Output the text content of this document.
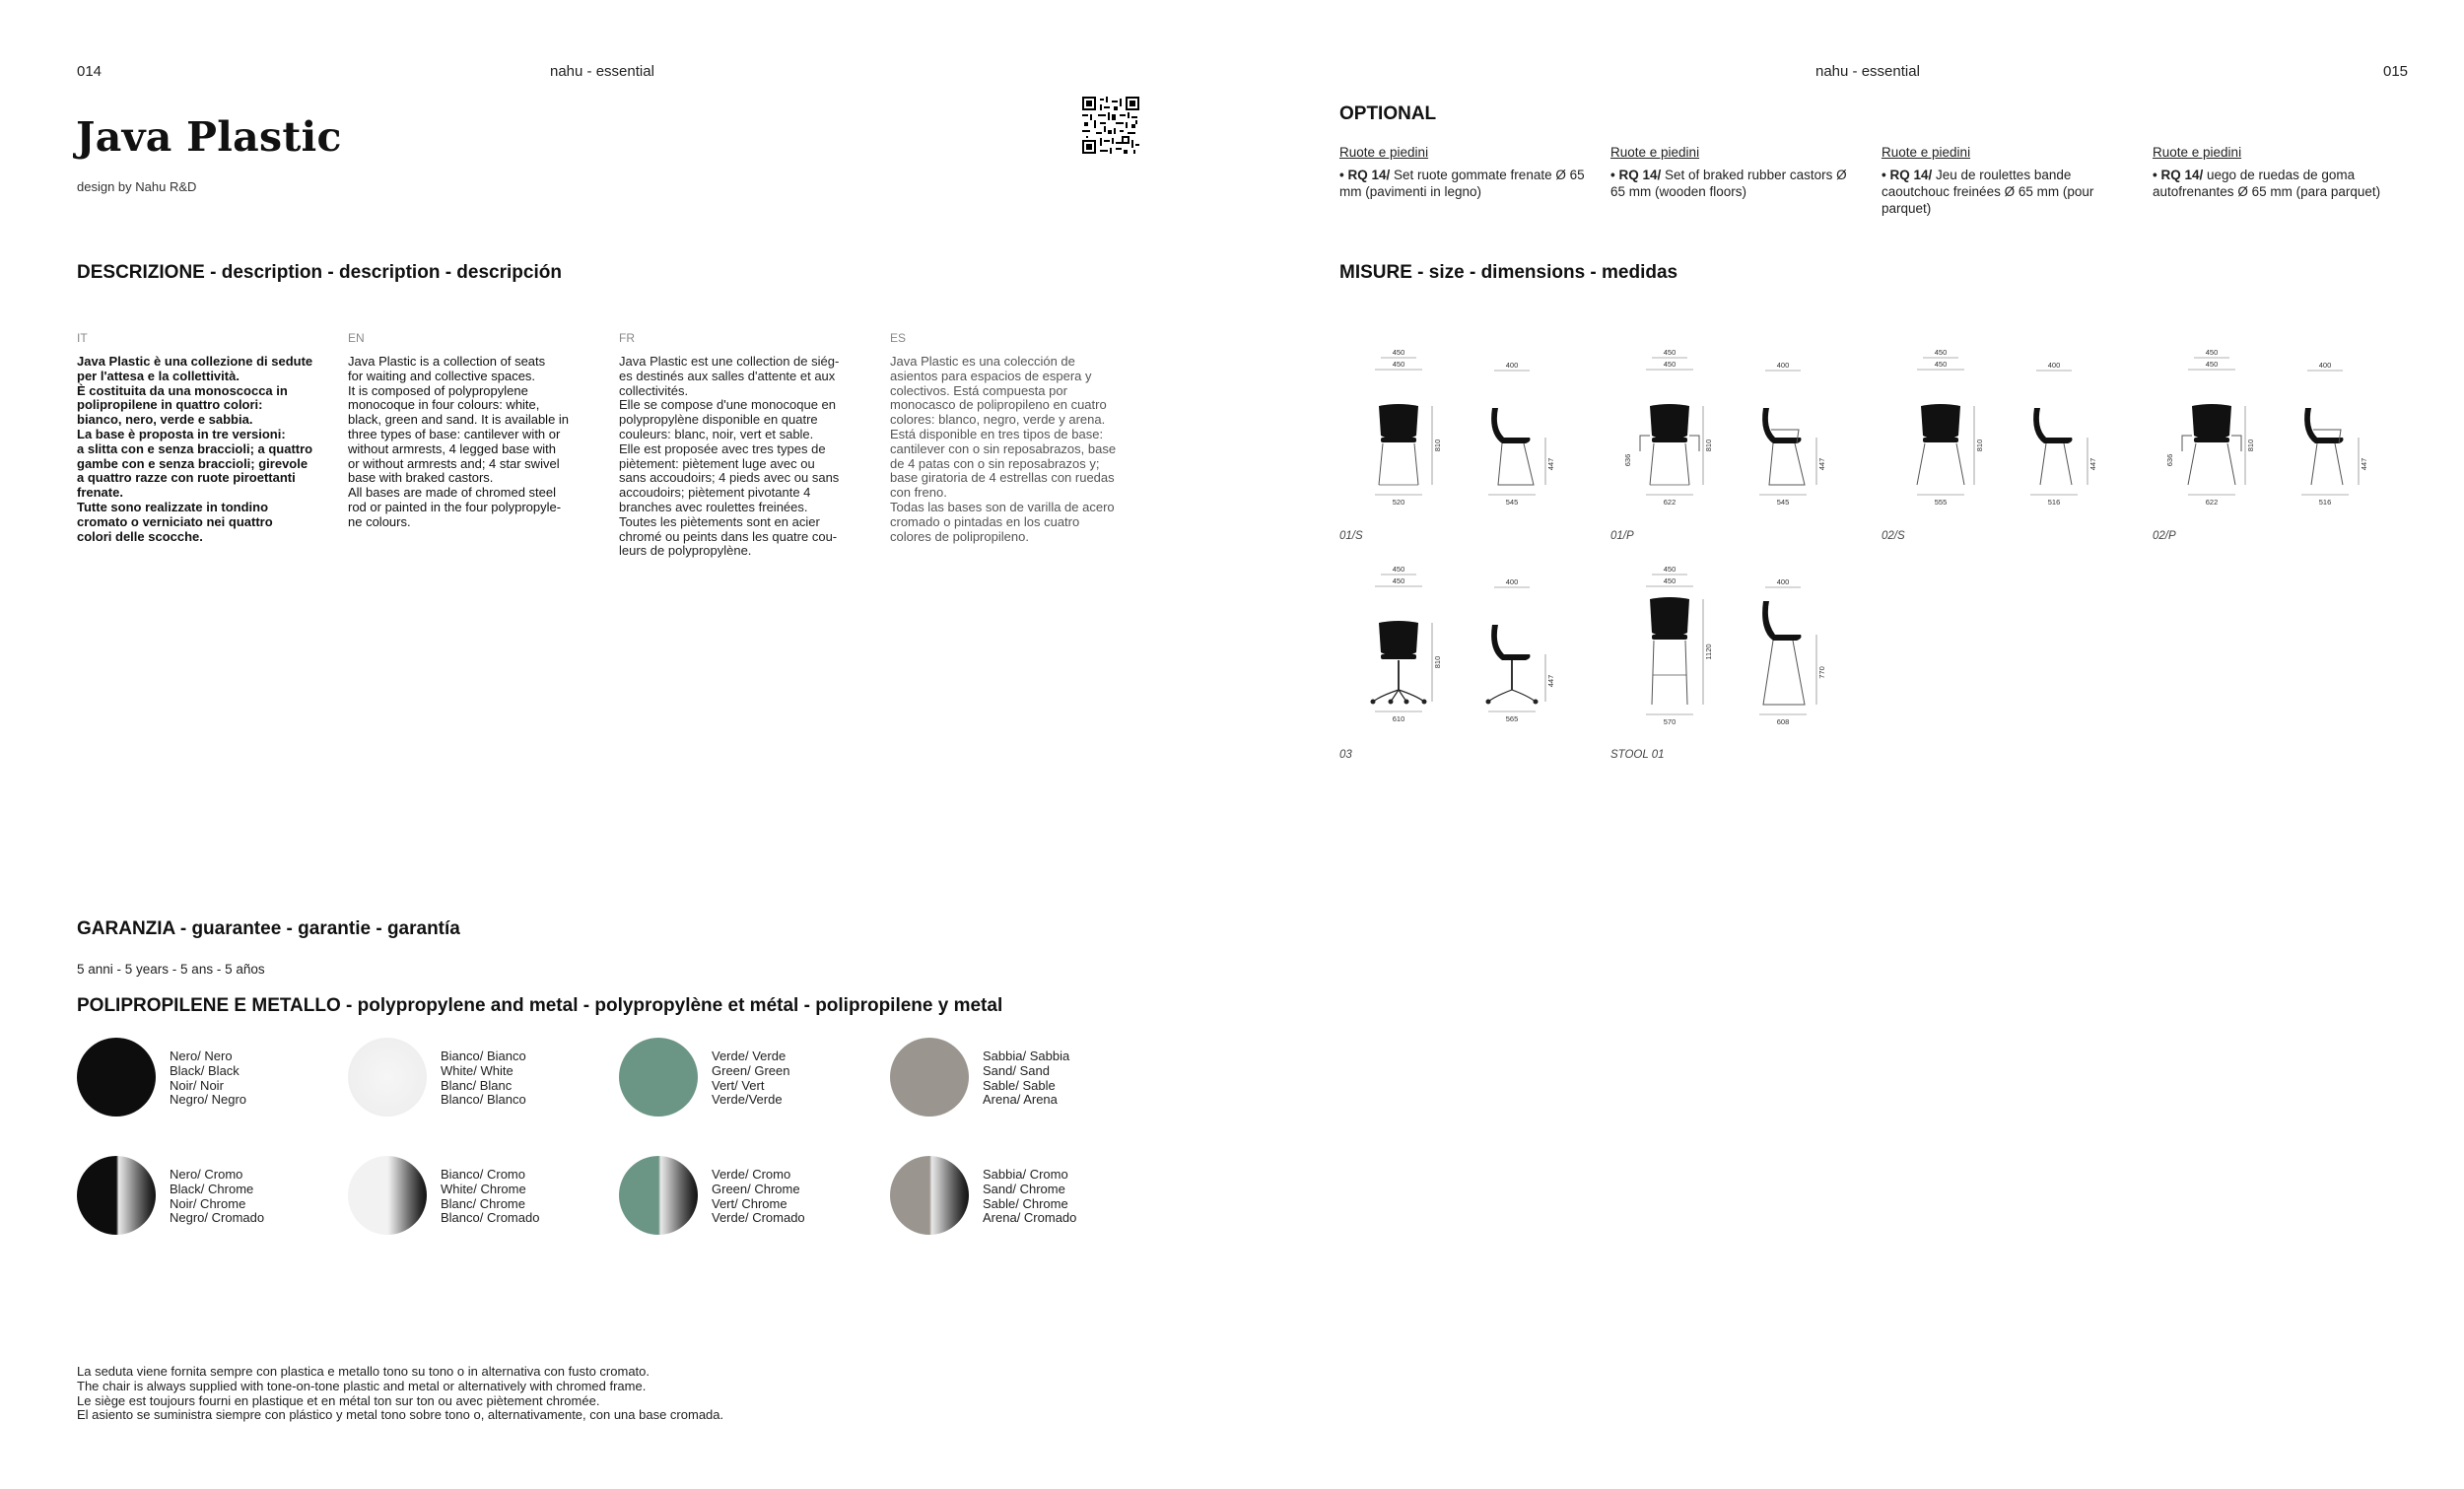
014	nahu - essential	nahu - essential	015
Java Plastic
design by Nahu R&D
DESCRIZIONE - description - description - descripción
IT	EN	FR	ES
Java Plastic è una collezione di sedute
per l'attesa e la collettività.
È costituita da una monoscocca in
polipropilene in quattro colori:
bianco, nero, verde e sabbia.
La base è proposta in tre versioni:
a slitta con e senza braccioli; a quattro
gambe con e senza braccioli; girevole
a quattro razze con ruote piroettanti
frenate.
Tutte sono realizzate in tondino
cromato o verniciato nei quattro
colori delle scocche.
Java Plastic is a collection of seats
for waiting and collective spaces.
It is composed of polypropylene
monocoque in four colours: white,
black, green and sand. It is available in
three types of base: cantilever with or
without armrests, 4 legged base with
or without armrests and; 4 star swivel
base with braked castors.
All bases are made of chromed steel
rod or painted in the four polypropyle-
ne colours.
Java Plastic est une collection de siég-
es destinés aux salles d'attente et aux
collectivités.
Elle se compose d'une monocoque en
polypropylène disponible en quatre
couleurs: blanc, noir, vert et sable.
Elle est proposée avec tres types de
piètement: piètement luge avec ou
sans accoudoirs; 4 pieds avec ou sans
accoudoirs; piètement pivotante 4
branches avec roulettes freinées.
Toutes les piètements sont en acier
chromé ou peints dans les quatre cou-
leurs de polypropylène.
Java Plastic es una colección de
asientos para espacios de espera y
colectivos. Está compuesta por
monocasco de polipropileno en cuatro
colores: blanco, negro, verde y arena.
Está disponible en tres tipos de base:
cantilever con o sin reposabrazos, base
de 4 patas con o sin reposabrazos y;
base giratoria de 4 estrellas con ruedas
con freno.
Todas las bases son de varilla de acero
cromado o pintadas en los cuatro
colores de polipropileno.
GARANZIA - guarantee - garantie - garantía
5 anni - 5 years - 5 ans - 5 años
POLIPROPILENE E METALLO - polypropylene and metal - polypropylène et métal - polipropilene y metal
Nero/ Nero
Black/ Black
Noir/ Noir
Negro/ Negro
Bianco/ Bianco
White/ White
Blanc/ Blanc
Blanco/ Blanco
Verde/ Verde
Green/ Green
Vert/ Vert
Verde/Verde
Sabbia/ Sabbia
Sand/ Sand
Sable/ Sable
Arena/ Arena
Nero/ Cromo
Black/ Chrome
Noir/ Chrome
Negro/ Cromado
Bianco/ Cromo
White/ Chrome
Blanc/ Chrome
Blanco/ Cromado
Verde/ Cromo
Green/ Chrome
Vert/ Chrome
Verde/ Cromado
Sabbia/ Cromo
Sand/ Chrome
Sable/ Chrome
Arena/ Cromado
La seduta viene fornita sempre con plastica e metallo tono su tono o in alternativa con fusto cromato.
The chair is always supplied with tone-on-tone plastic and metal or alternatively with chromed frame.
Le siège est toujours fourni en plastique et en métal ton sur ton ou avec piètement chromée.
El asiento se suministra siempre con plástico y metal tono sobre tono o, alternativamente, con una base cromada.
OPTIONAL
Ruote e piedini
• RQ 14/ Set ruote gommate frenate Ø 65 mm (pavimenti in legno)
Ruote e piedini
• RQ 14/ Set of braked rubber castors Ø 65 mm (wooden floors)
Ruote e piedini
• RQ 14/ Jeu de roulettes bande caoutchouc freinées Ø 65 mm (pour parquet)
Ruote e piedini
• RQ 14/ uego de ruedas de goma autofrenantes Ø 65 mm (para parquet)
MISURE - size - dimensions - medidas
450
450	400
810
520
447
545
01/S
450
450	400
636
810
622
447
545
01/P
450
450	400
810
555
447
516
02/S
450
450	400
636
810
622
447
516
02/P
450
450	400
810
610
447
565
03
450
450	400
1120
570
770
608
STOOL 01
